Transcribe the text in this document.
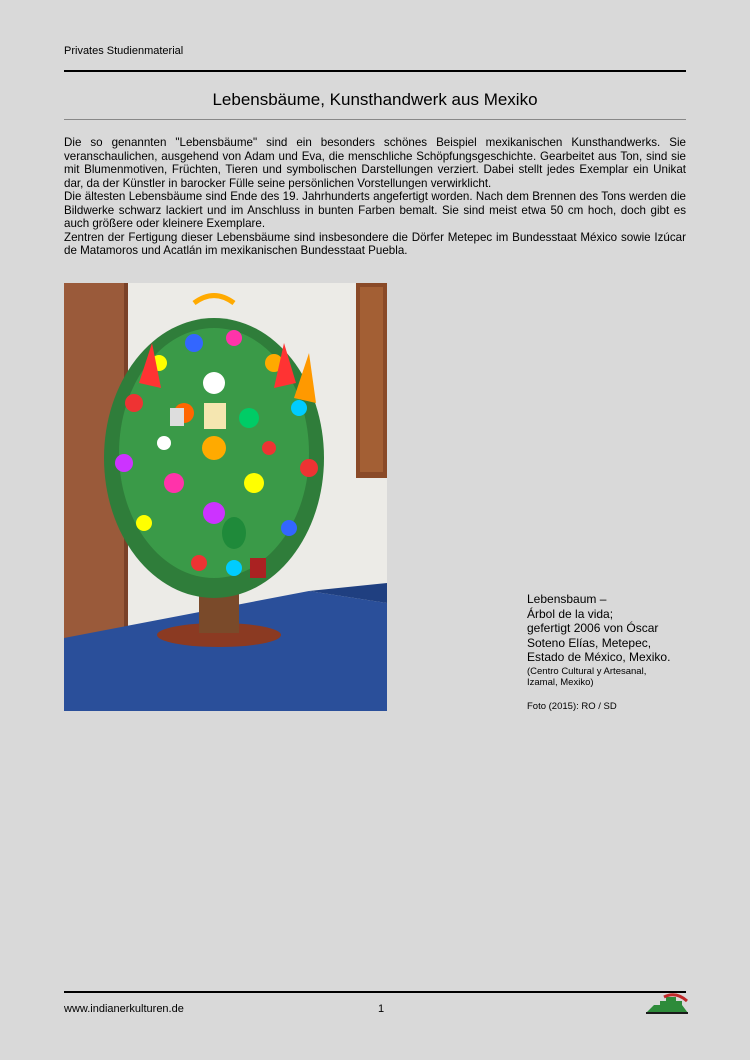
Privates Studienmaterial
Lebensbäume, Kunsthandwerk aus Mexiko

Die so genannten "Lebensbäume" sind ein besonders schönes Beispiel mexikanischen Kunsthandwerks. Sie veranschaulichen, ausgehend von Adam und Eva, die menschliche Schöpfungsgeschichte. Gearbeitet aus Ton, sind sie mit Blumenmotiven, Früchten, Tieren und symbolischen Darstellungen verziert. Dabei stellt jedes Exemplar ein Unikat dar, da der Künstler in barocker Fülle seine persönlichen Vorstellungen verwirklicht.

Die ältesten Lebensbäume sind Ende des 19. Jahrhunderts angefertigt worden. Nach dem Brennen des Tons werden die Bildwerke schwarz lackiert und im Anschluss in bunten Farben bemalt. Sie sind meist etwa 50 cm hoch, doch gibt es auch größere oder kleinere Exemplare.

Zentren der Fertigung dieser Lebensbäume sind insbesondere die Dörfer Metepec im Bundesstaat México sowie Izúcar de Matamoros und Acatlán im mexikanischen Bundesstaat Puebla.

Lebensbaum –
Árbol de la vida;
gefertigt 2006 von Óscar
Soteno Elías, Metepec,
Estado de México, Mexiko.
(Centro Cultural y Artesanal,
Izamal, Mexiko)
Foto (2015): RO / SD
www.indianerkulturen.de	1
